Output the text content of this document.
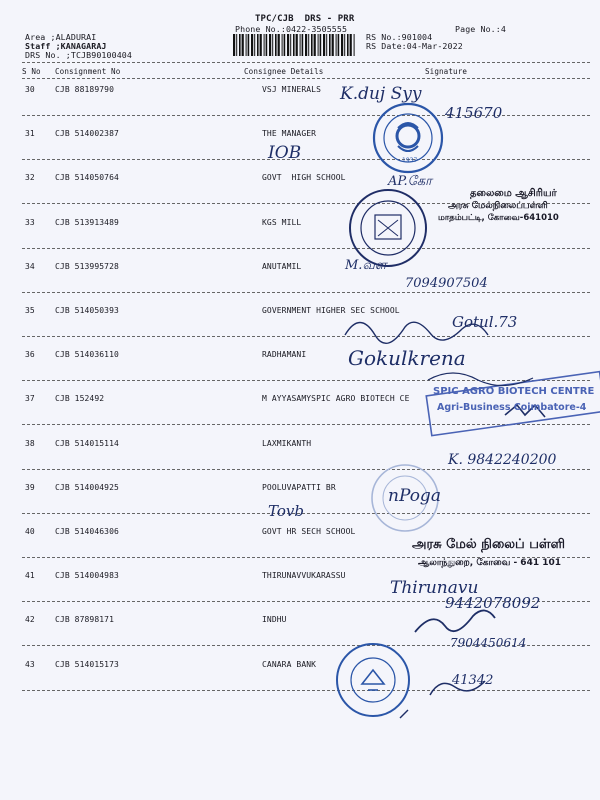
TPC/CJB  DRS - PRR
Phone No.:0422-3505555	Page No.:4
Area ;ALADURAI
Staff ;KANAGARAJ
DRS No. ;TCJB90100404
RS No.:901004
RS Date:04-Mar-2022
S No Consignment No	Consignee Details	Signature
30	CJB 88189790	VSJ MINERALS
31	CJB 514002387	THE MANAGER
32	CJB 514050764	GOVT  HIGH SCHOOL
33	CJB 513913489	KGS MILL
34	CJB 513995728	ANUTAMIL
35	CJB 514050393	GOVERNMENT HIGHER SEC SCHOOL
36	CJB 514036110	RADHAMANI
37	CJB 152492	M AYYASAMYSPIC AGRO BIOTECH CE
38	CJB 514015114	LAXMIKANTH
39	CJB 514004925	POOLUVAPATTI BR
40	CJB 514046306	GOVT HR SECH SCHOOL
41	CJB 514004983	THIRUNAVVUKARASSU
42	CJB 87898171	INDHU
43	CJB 514015173	CANARA BANK
1937
K.duj Syy
415670
IOB
AP.கோ
தலைமை ஆசிரியர்
அரசு மேல்நிலைப்பள்ளி
மாதம்பட்டி, கோவை-641010
M.வள
7094907504
Gotul.73
Gokulkrena
SPIC AGRO BIOTECH CENTRE
Agri-Business Coimbatore-4
K. 9842240200
nPoga
Tovb
அரசு மேல் நிலைப் பள்ளி
ஆலாந்துறை, கோவை - 641 101
Thirunavu
9442078092
7904450614
41342
